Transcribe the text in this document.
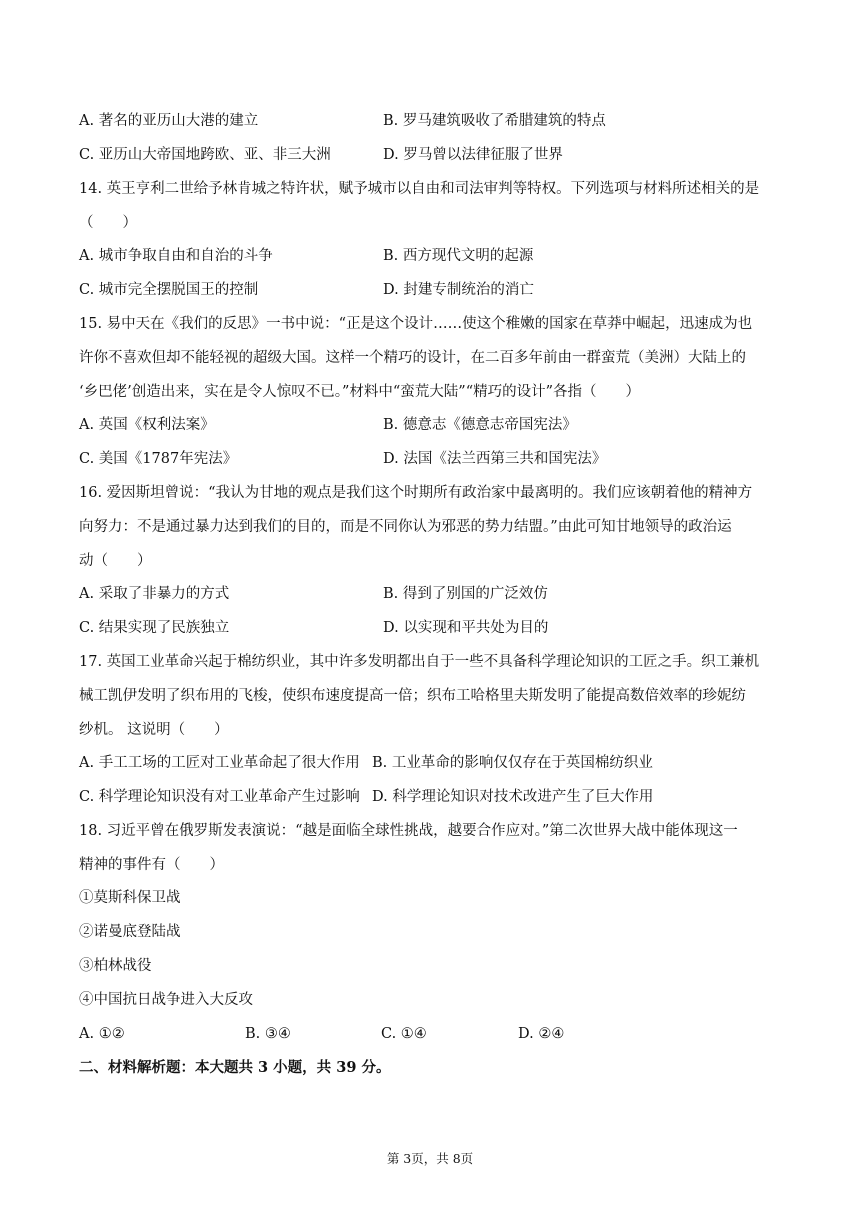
A. 著名的亚历山大港的建立	B. 罗马建筑吸收了希腊建筑的特点
C. 亚历山大帝国地跨欧、亚、非三大洲	D. 罗马曾以法律征服了世界
14. 英王亨利二世给予林肯城之特许状，赋予城市以自由和司法审判等特权。下列选项与材料所述相关的是
（　　）
A. 城市争取自由和自治的斗争	B. 西方现代文明的起源
C. 城市完全摆脱国王的控制	D. 封建专制统治的消亡
15. 易中天在《我们的反思》一书中说：“正是这个设计……使这个稚嫩的国家在草莽中崛起，迅速成为也
许你不喜欢但却不能轻视的超级大国。这样一个精巧的设计，在二百多年前由一群蛮荒（美洲）大陆上的
‘乡巴佬’创造出来，实在是令人惊叹不已。”材料中“蛮荒大陆”“精巧的设计”各指（　　）
A. 英国《权利法案》	B. 德意志《德意志帝国宪法》
C. 美国《1787年宪法》	D. 法国《法兰西第三共和国宪法》
16. 爱因斯坦曾说：“我认为甘地的观点是我们这个时期所有政治家中最离明的。我们应该朝着他的精神方
向努力：不是通过暴力达到我们的目的，而是不同你认为邪恶的势力结盟。”由此可知甘地领导的政治运
动（　　）
A. 采取了非暴力的方式	B. 得到了别国的广泛效仿
C. 结果实现了民族独立	D. 以实现和平共处为目的
17. 英国工业革命兴起于棉纺织业，其中许多发明都出自于一些不具备科学理论知识的工匠之手。织工兼机
械工凯伊发明了织布用的飞梭，使织布速度提高一倍；织布工哈格里夫斯发明了能提高数倍效率的珍妮纺
纱机。 这说明（　　）
A. 手工工场的工匠对工业革命起了很大作用 B. 工业革命的影响仅仅存在于英国棉纺织业
C. 科学理论知识没有对工业革命产生过影响 D. 科学理论知识对技术改进产生了巨大作用
18. 习近平曾在俄罗斯发表演说：“越是面临全球性挑战，越要合作应对。”第二次世界大战中能体现这一
精神的事件有（　　）
①莫斯科保卫战
②诺曼底登陆战
③柏林战役
④中国抗日战争进入大反攻
A. ①②	B. ③④	C. ①④	D. ②④
二、材料解析题：本大题共 3 小题，共 39 分。
第 3页，共 8页
